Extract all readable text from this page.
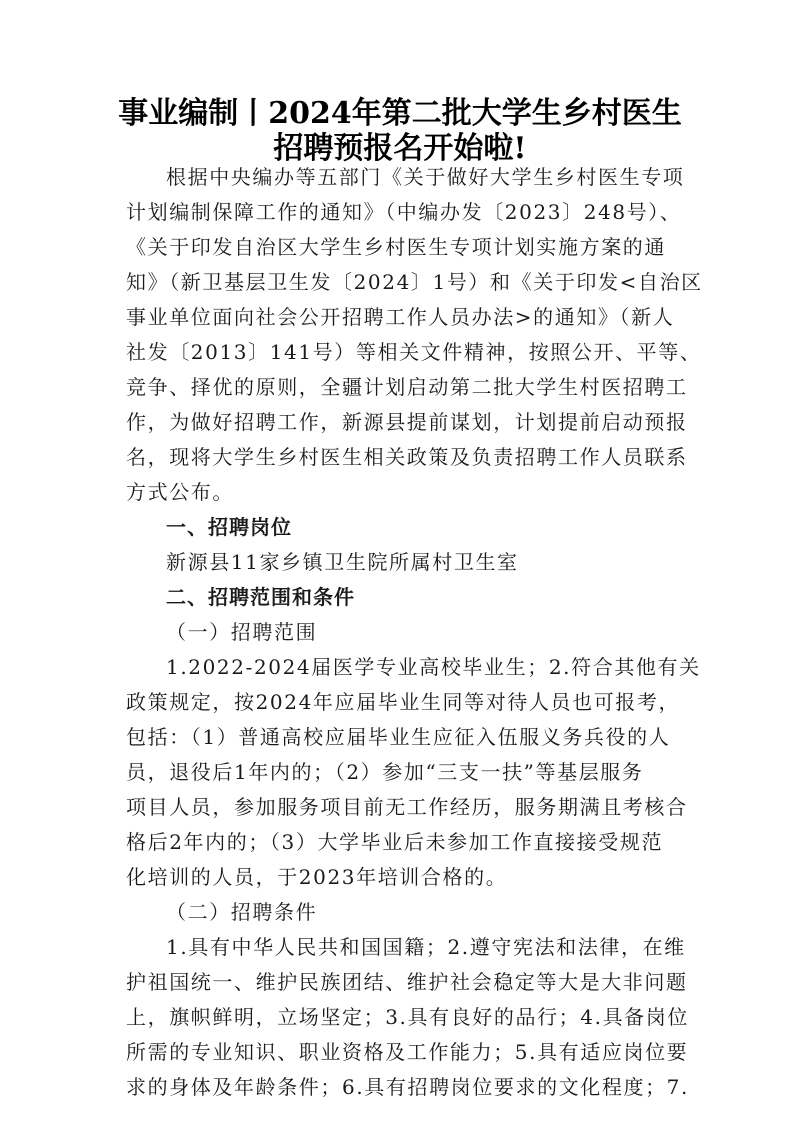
事业编制丨2024年第二批大学生乡村医生
招聘预报名开始啦!
根据中央编办等五部门《关于做好大学生乡村医生专项
计划编制保障工作的通知》（中编办发〔2023〕248号）、
《关于印发自治区大学生乡村医生专项计划实施方案的通
知》（新卫基层卫生发〔2024〕1号）和《关于印发<自治区
事业单位面向社会公开招聘工作人员办法>的通知》（新人
社发〔2013〕141号）等相关文件精神，按照公开、平等、
竞争、择优的原则，全疆计划启动第二批大学生村医招聘工
作，为做好招聘工作，新源县提前谋划，计划提前启动预报
名，现将大学生乡村医生相关政策及负责招聘工作人员联系
方式公布。
一、招聘岗位
新源县11家乡镇卫生院所属村卫生室
二、招聘范围和条件
（一）招聘范围
1.2022-2024届医学专业高校毕业生；2.符合其他有关
政策规定，按2024年应届毕业生同等对待人员也可报考，
包括：（1）普通高校应届毕业生应征入伍服义务兵役的人
员，退役后1年内的；（2）参加“三支一扶”等基层服务
项目人员，参加服务项目前无工作经历，服务期满且考核合
格后2年内的；（3）大学毕业后未参加工作直接接受规范
化培训的人员，于2023年培训合格的。
（二）招聘条件
1.具有中华人民共和国国籍；2.遵守宪法和法律，在维
护祖国统一、维护民族团结、维护社会稳定等大是大非问题
上，旗帜鲜明，立场坚定；3.具有良好的品行；4.具备岗位
所需的专业知识、职业资格及工作能力；5.具有适应岗位要
求的身体及年龄条件；6.具有招聘岗位要求的文化程度；7.
